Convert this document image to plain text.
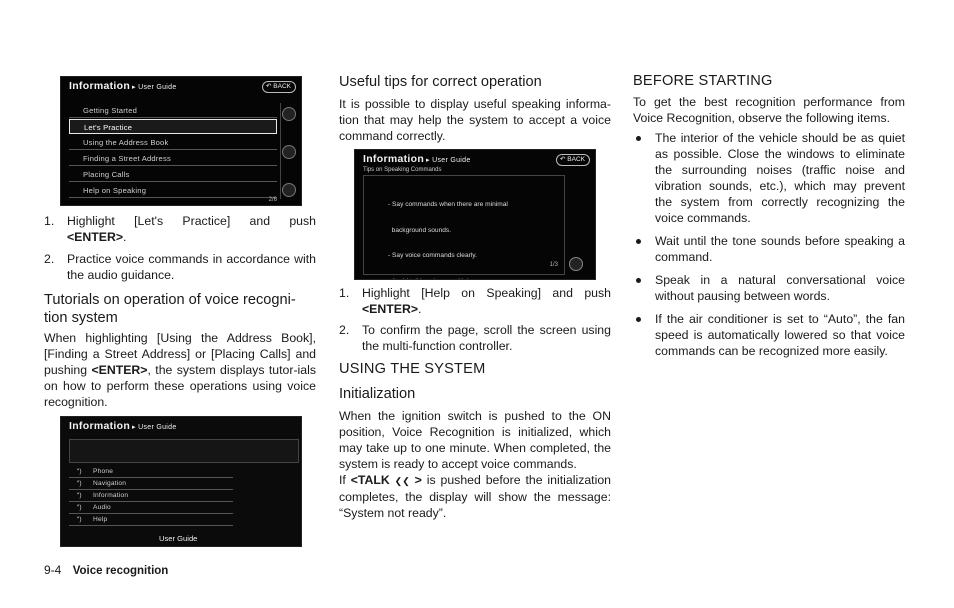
Information ▸ User Guide	↶ BACK
Getting Started
Let's Practice
Using the Address Book
Finding a Street Address
Placing Calls
Help on Speaking
2/6
1. Highlight [Let's Practice] and push <ENTER>.
2. Practice voice commands in accordance with the audio guidance.
Tutorials on operation of voice recogni-tion system

When highlighting [Using the Address Book], [Finding a Street Address] or [Placing Calls] and pushing <ENTER>, the system displays tutor-ials on how to perform these operations using voice recognition.

Information ▸ User Guide
“) Phone
“) Navigation
“) Information
“) Audio
“) Help
User Guide
Useful tips for correct operation

It is possible to display useful speaking informa-tion that may help the system to accept a voice command correctly.

Information ▸ User Guide	↶ BACK
Tips on Speaking Commands

- Say commands when there are minimal

background sounds.

- Say voice commands clearly.

1/3
1. Highlight [Help on Speaking] and push <ENTER>.
2. To confirm the page, scroll the screen using the multi-function controller.
USING THE SYSTEM
Initialization

When the ignition switch is pushed to the ON position, Voice Recognition is initialized, which may take up to one minute. When completed, the system is ready to accept voice commands.

If <TALK ❮❮ > is pushed before the initialization completes, the display will show the message: “System not ready”.

BEFORE STARTING

To get the best recognition performance from Voice Recognition, observe the following items.

The interior of the vehicle should be as quiet as possible. Close the windows to eliminate the surrounding noises (traffic noise and vibration sounds, etc.), which may prevent the system from correctly recognizing the voice commands.
Wait until the tone sounds before speaking a command.
Speak in a natural conversational voice without pausing between words.
If the air conditioner is set to “Auto”, the fan speed is automatically lowered so that voice commands can be recognized more easily.
9-4 Voice recognition
